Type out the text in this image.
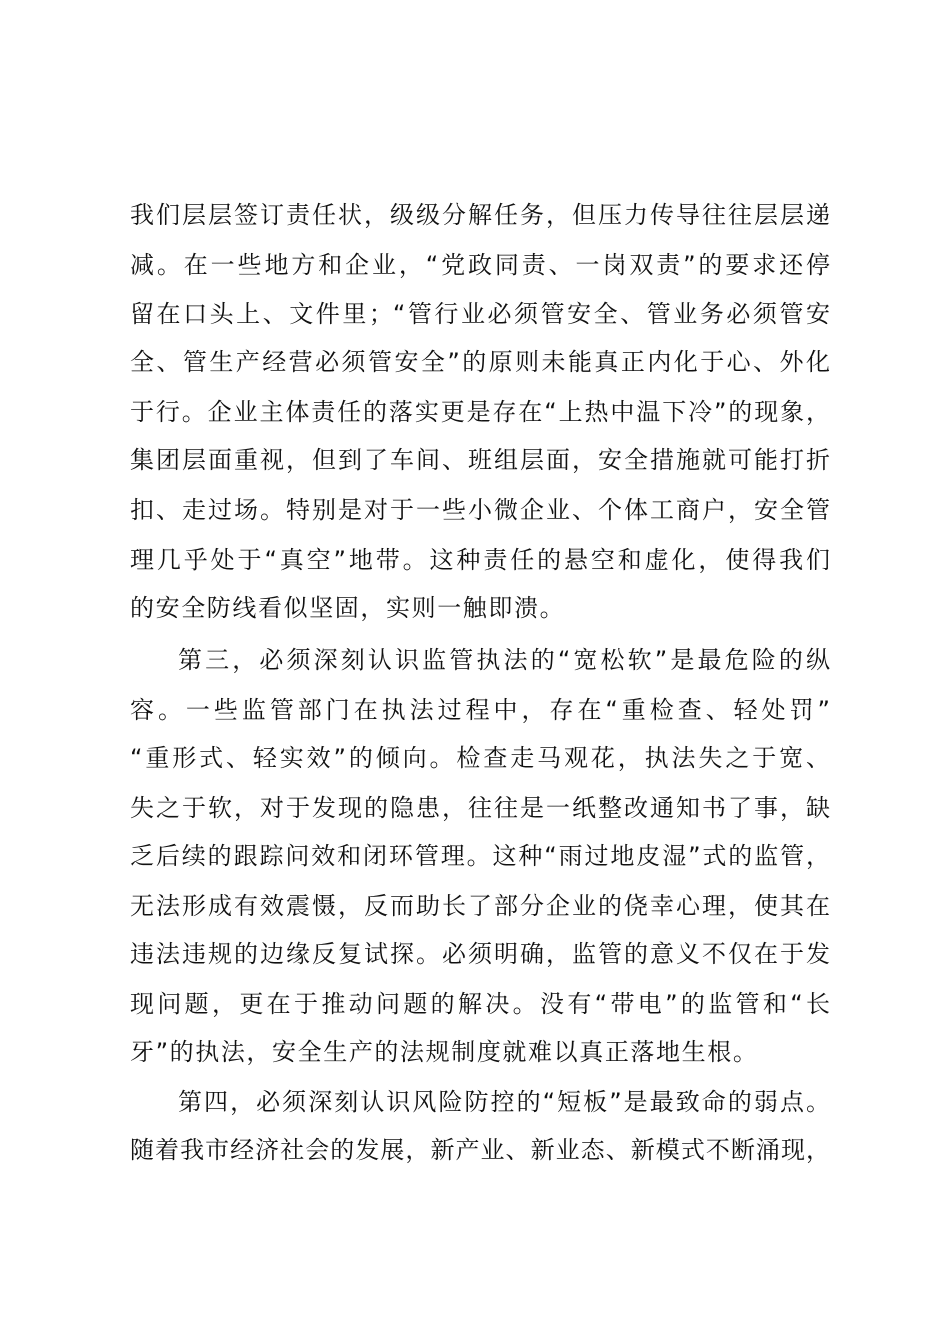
我们层层签订责任状，级级分解任务，但压力传导往往层层递
减。在一些地方和企业，“党政同责、一岗双责”的要求还停
留在口头上、文件里；“管行业必须管安全、管业务必须管安
全、管生产经营必须管安全”的原则未能真正内化于心、外化
于行。企业主体责任的落实更是存在“上热中温下冷”的现象，
集团层面重视，但到了车间、班组层面，安全措施就可能打折
扣、走过场。特别是对于一些小微企业、个体工商户，安全管
理几乎处于“真空”地带。这种责任的悬空和虚化，使得我们
的安全防线看似坚固，实则一触即溃。
第三，必须深刻认识监管执法的“宽松软”是最危险的纵
容。一些监管部门在执法过程中，存在“重检查、轻处罚”
“重形式、轻实效”的倾向。检查走马观花，执法失之于宽、
失之于软，对于发现的隐患，往往是一纸整改通知书了事，缺
乏后续的跟踪问效和闭环管理。这种“雨过地皮湿”式的监管，
无法形成有效震慑，反而助长了部分企业的侥幸心理，使其在
违法违规的边缘反复试探。必须明确，监管的意义不仅在于发
现问题，更在于推动问题的解决。没有“带电”的监管和“长
牙”的执法，安全生产的法规制度就难以真正落地生根。
第四，必须深刻认识风险防控的“短板”是最致命的弱点。
随着我市经济社会的发展，新产业、新业态、新模式不断涌现，
